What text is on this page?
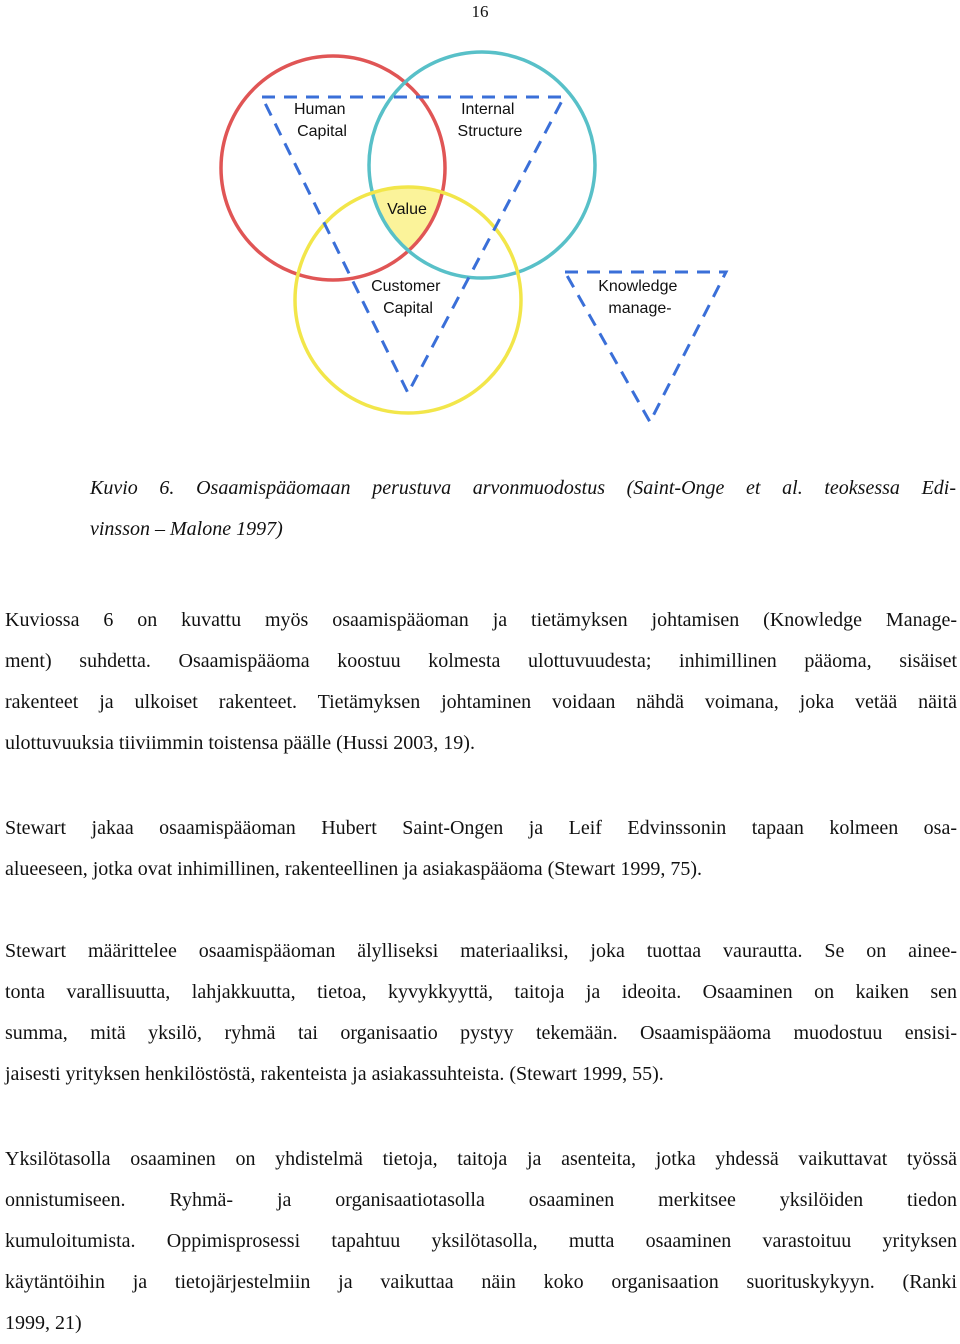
16
Human Capital
Internal Structure
Value
Customer Capital
Knowledge manage-
Kuvio 6. Osaamispääomaan perustuva arvonmuodostus (Saint-Onge et al. teoksessa Edi-
vinsson – Malone 1997)
Kuviossa 6 on kuvattu myös osaamispääoman ja tietämyksen johtamisen (Knowledge Manage-
ment) suhdetta. Osaamispääoma koostuu kolmesta ulottuvuudesta; inhimillinen pääoma, sisäiset
rakenteet ja ulkoiset rakenteet. Tietämyksen johtaminen voidaan nähdä voimana, joka vetää näitä
ulottuvuuksia tiiviimmin toistensa päälle (Hussi 2003, 19).
Stewart jakaa osaamispääoman Hubert Saint-Ongen ja Leif Edvinssonin tapaan kolmeen osa-
alueeseen, jotka ovat inhimillinen, rakenteellinen ja asiakaspääoma (Stewart 1999, 75).
Stewart määrittelee osaamispääoman älylliseksi materiaaliksi, joka tuottaa vaurautta. Se on aineе-
tonta varallisuutta, lahjakkuutta, tietoa, kyvykkyyttä, taitoja ja ideoita. Osaaminen on kaiken sen
summa, mitä yksilö, ryhmä tai organisaatio pystyy tekemään. Osaamispääoma muodostuu ensisi-
jaisesti yrityksen henkilöstöstä, rakenteista ja asiakassuhteista. (Stewart 1999, 55).
Yksilötasolla osaaminen on yhdistelmä tietoja, taitoja ja asenteita, jotka yhdessä vaikuttavat työssä
onnistumiseen. Ryhmä- ja organisaatiotasolla osaaminen merkitsee yksilöiden tiedon
kumuloitumista. Oppimisprosessi tapahtuu yksilötasolla, mutta osaaminen varastoituu yrityksen
käytäntöihin ja tietojärjestelmiin ja vaikuttaa näin koko organisaation suorituskykyyn. (Ranki
1999, 21)
